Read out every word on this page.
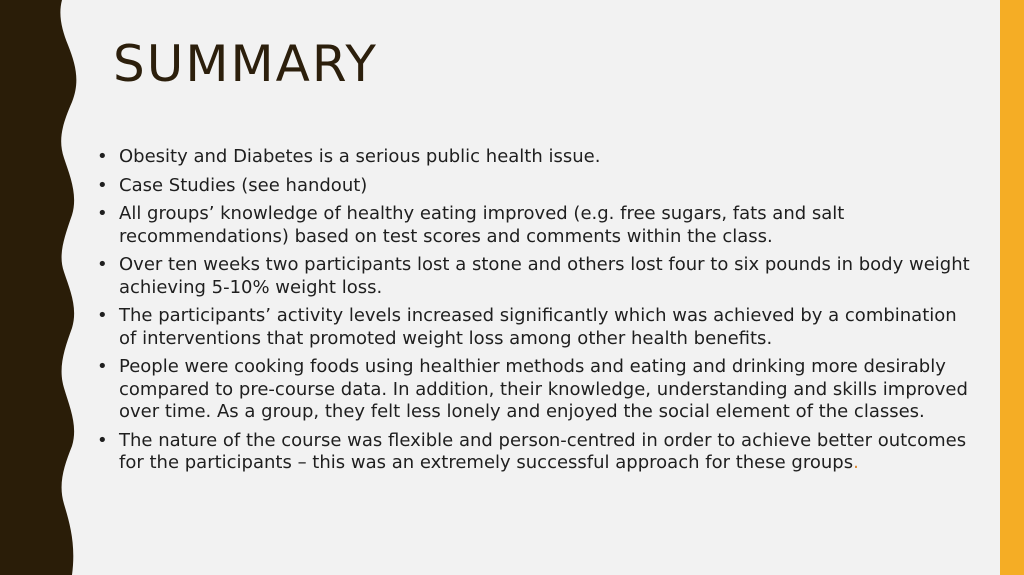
SUMMARY
• Obesity and Diabetes is a serious public health issue.
• Case Studies (see handout)
• All groups’ knowledge of healthy eating improved (e.g. free sugars, fats and salt recommendations) based on test scores and comments within the class.
• Over ten weeks two participants lost a stone and others lost four to six pounds in body weight achieving 5-10% weight loss.
• The participants’ activity levels increased significantly which was achieved by a combination of interventions that promoted weight loss among other health benefits.
• People were cooking foods using healthier methods and eating and drinking more desirably compared to pre-course data. In addition, their knowledge, understanding and skills improved over time. As a group, they felt less lonely and enjoyed the social element of the classes.
• The nature of the course was flexible and person-centred in order to achieve better outcomes for the participants – this was an extremely successful approach for these groups.
